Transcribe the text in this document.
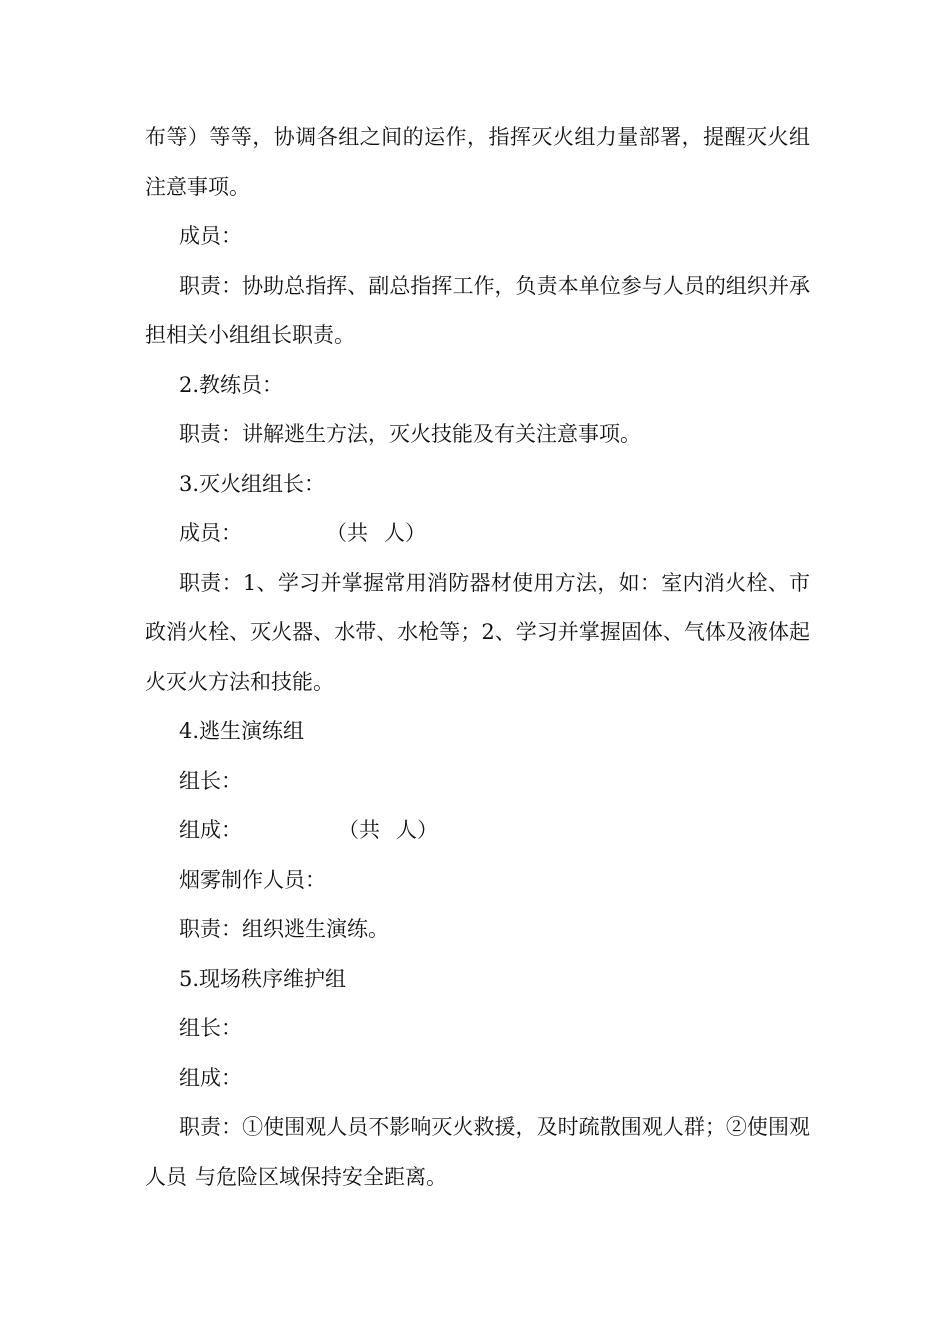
布等）等等，协调各组之间的运作，指挥灭火组力量部署，提醒灭火组注意事项。

成员：

职责：协助总指挥、副总指挥工作，负责本单位参与人员的组织并承担相关小组组长职责。

2.教练员：

职责：讲解逃生方法，灭火技能及有关注意事项。

3.灭火组组长：

成员：	（共 人）

职责：1、学习并掌握常用消防器材使用方法，如：室内消火栓、市政消火栓、灭火器、水带、水枪等；2、学习并掌握固体、气体及液体起火灭火方法和技能。

4.逃生演练组

组长：

组成：	（共 人）

烟雾制作人员：

职责：组织逃生演练。

5.现场秩序维护组

组长：

组成：

职责：①使围观人员不影响灭火救援，及时疏散围观人群；②使围观人员 与危险区域保持安全距离。
